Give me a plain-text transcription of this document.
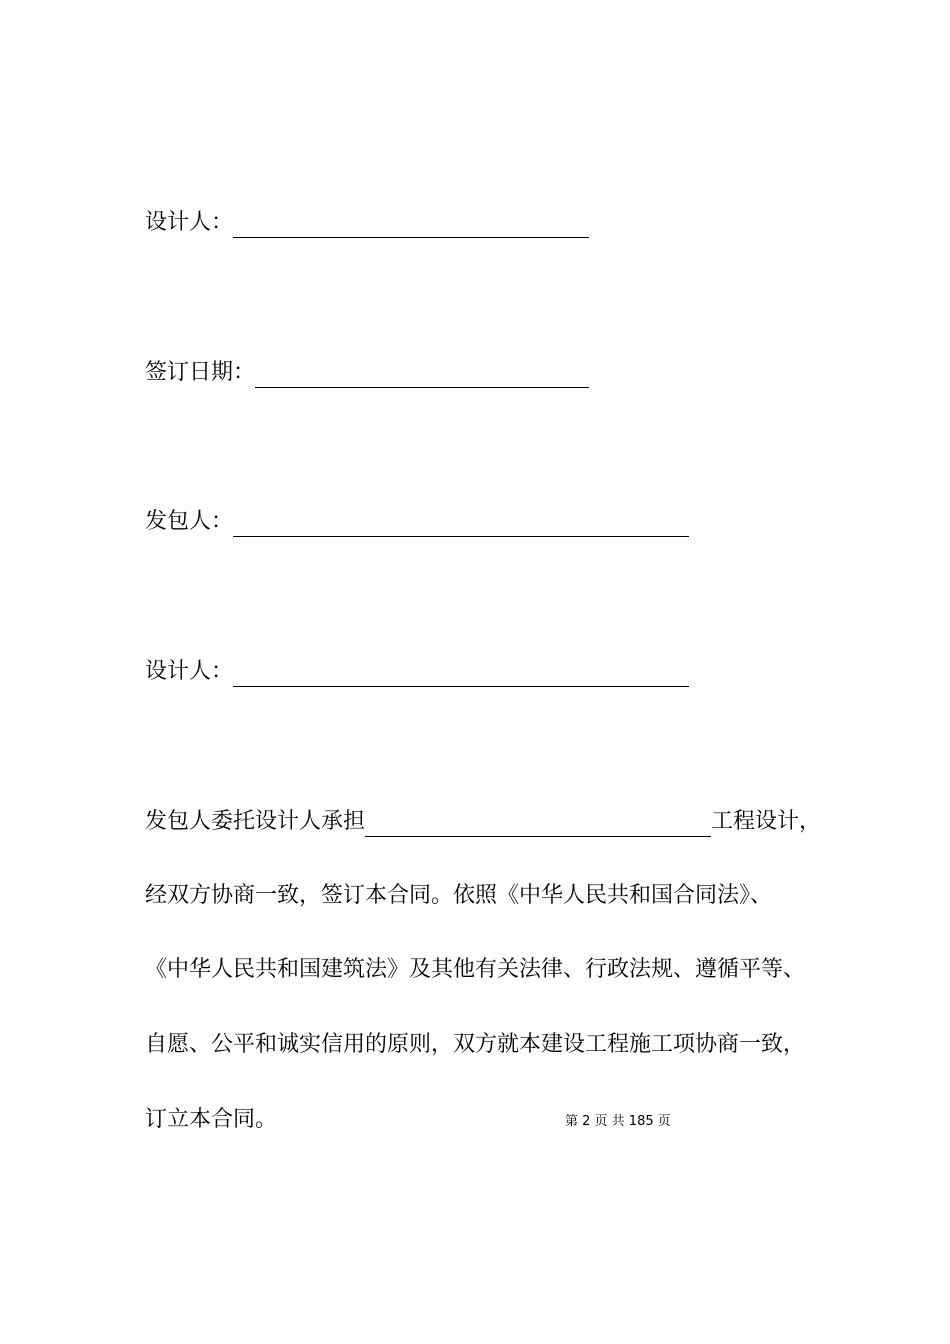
设计人：
签订日期：
发包人：
设计人：
发包人委托设计人承担	工程设计，
经双方协商一致，签订本合同。依照《中华人民共和国合同法》、
《中华人民共和国建筑法》及其他有关法律、行政法规、遵循平等、
自愿、公平和诚实信用的原则，双方就本建设工程施工项协商一致，
订立本合同。	第 2 页 共 185 页
